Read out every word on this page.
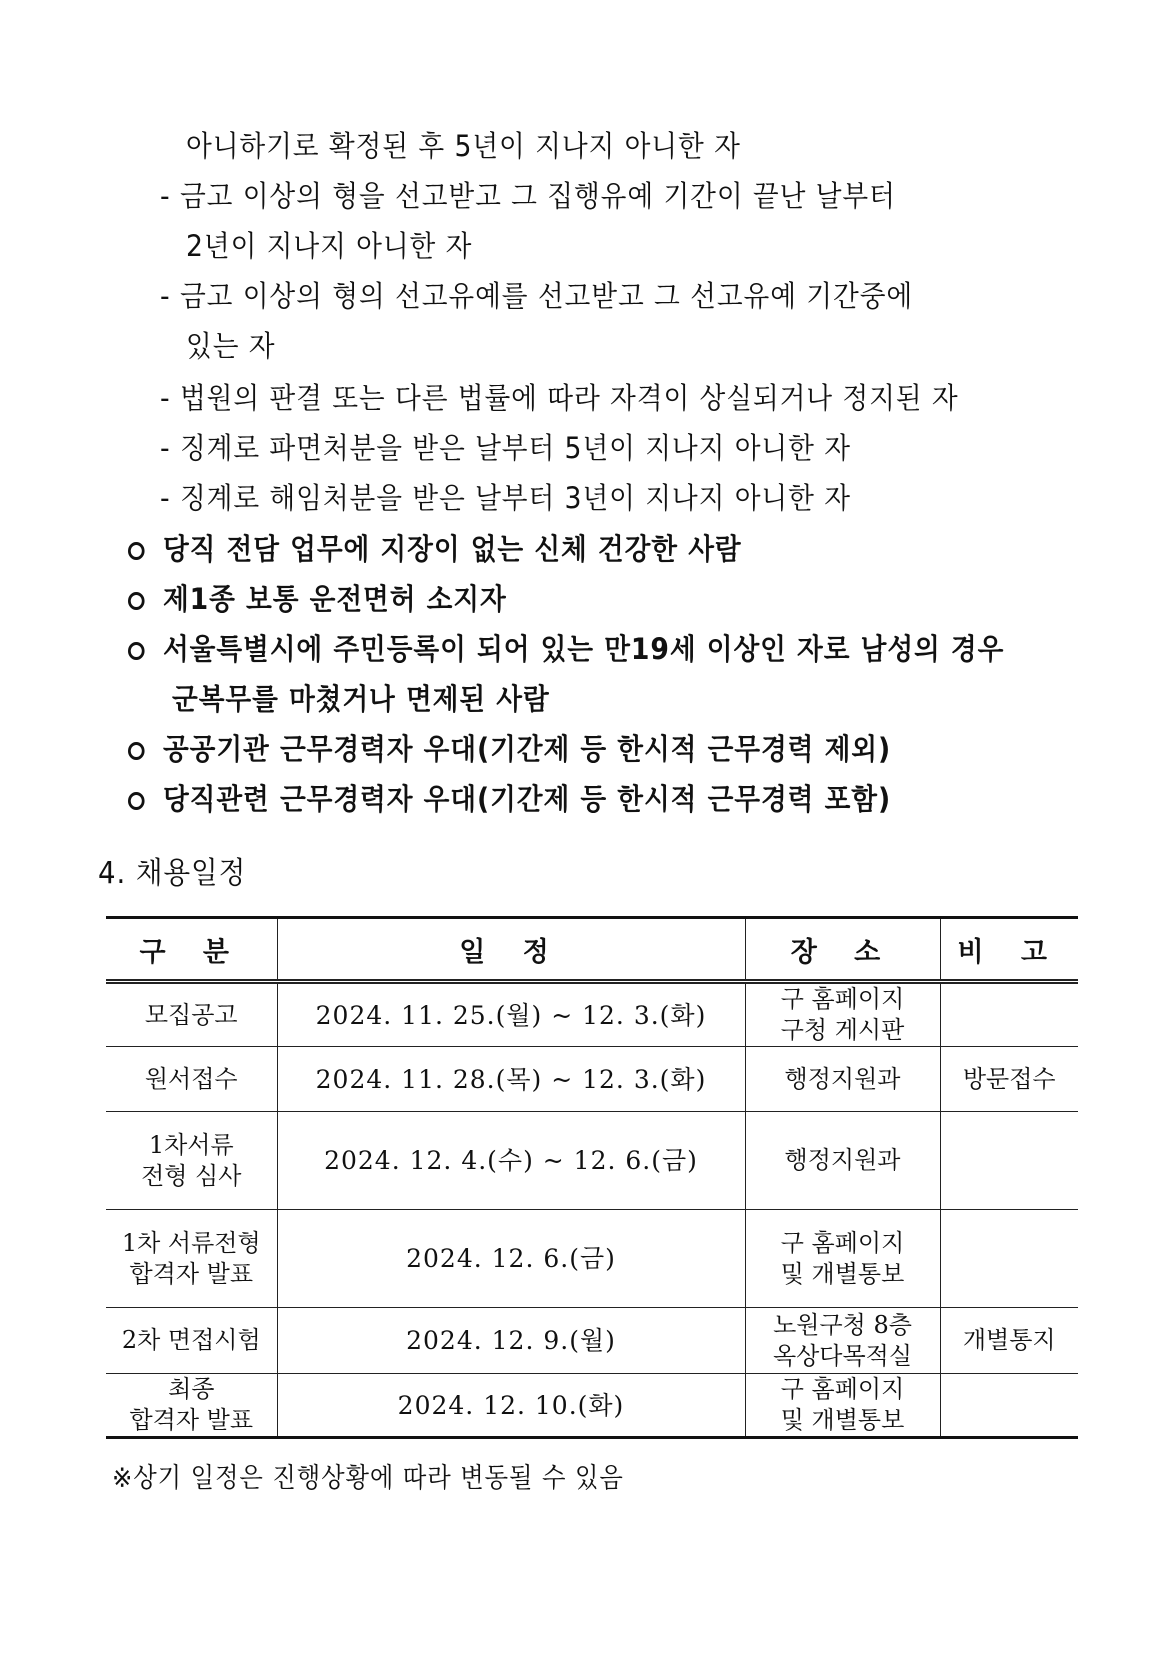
아니하기로 확정된 후 5년이 지나지 아니한 자
- 금고 이상의 형을 선고받고 그 집행유예 기간이 끝난 날부터
2년이 지나지 아니한 자
- 금고 이상의 형의 선고유예를 선고받고 그 선고유예 기간중에
있는 자
- 법원의 판결 또는 다른 법률에 따라 자격이 상실되거나 정지된 자
- 징계로 파면처분을 받은 날부터 5년이 지나지 아니한 자
- 징계로 해임처분을 받은 날부터 3년이 지나지 아니한 자
당직 전담 업무에 지장이 없는 신체 건강한 사람
제1종 보통 운전면허 소지자
서울특별시에 주민등록이 되어 있는 만19세 이상인 자로 남성의 경우
군복무를 마쳤거나 면제된 사람
공공기관 근무경력자 우대(기간제 등 한시적 근무경력 제외)
당직관련 근무경력자 우대(기간제 등 한시적 근무경력 포함)
4. 채용일정
구 분	일 정	장 소	비 고

모집공고	2024. 11. 25.(월) ~ 12. 3.(화)	구 홈페이지
구청 게시판	

원서접수	2024. 11. 28.(목) ~ 12. 3.(화)	행정지원과	방문접수

1차서류
전형 심사	2024. 12. 4.(수) ~ 12. 6.(금)	행정지원과	

1차 서류전형
합격자 발표	2024. 12. 6.(금)	구 홈페이지
및 개별통보	

2차 면접시험	2024. 12. 9.(월)	노원구청 8층
옥상다목적실	개별통지

최종
합격자 발표	2024. 12. 10.(화)	구 홈페이지
및 개별통보	

※상기 일정은 진행상황에 따라 변동될 수 있음
